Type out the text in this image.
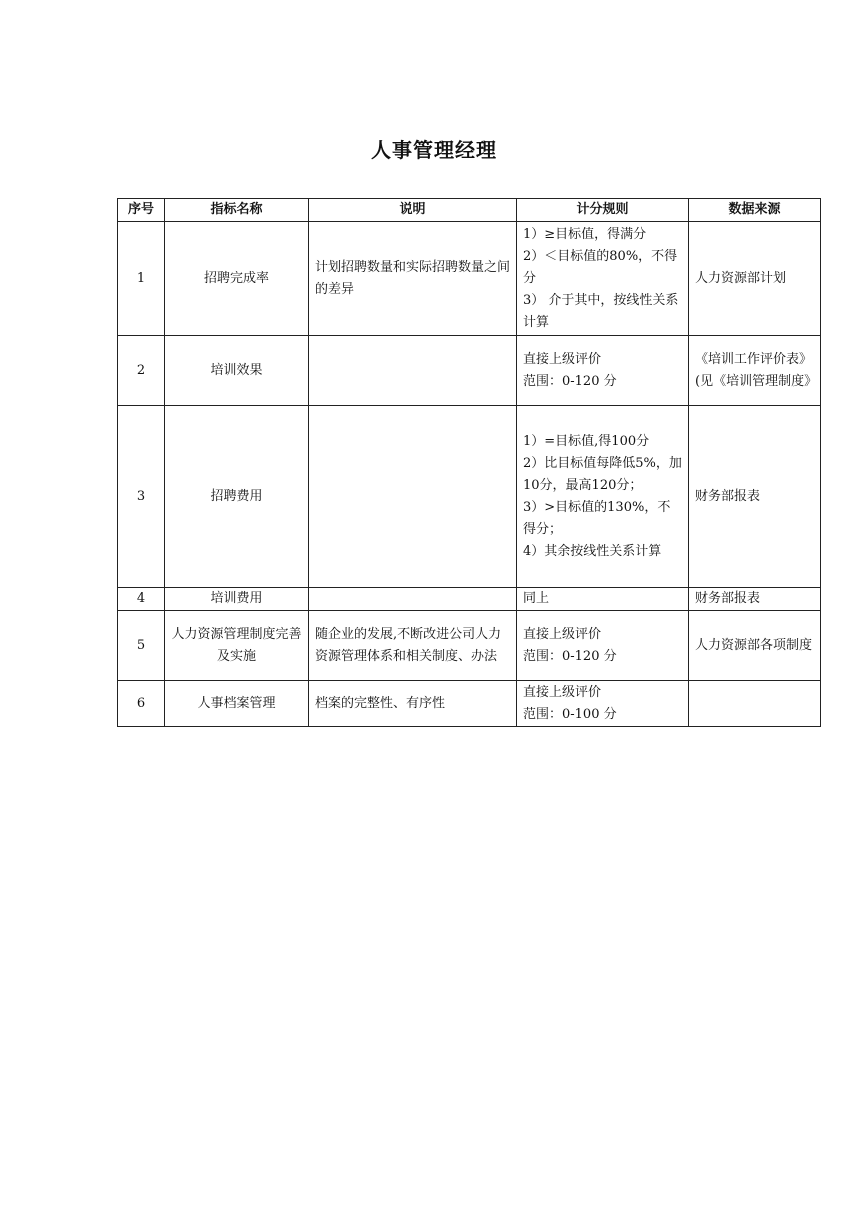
人事管理经理
序号	指标名称	说明	计分规则	数据来源
1	招聘完成率	计划招聘数量和实际招聘数量之间的差异	1）≥目标值，得满分
2）＜目标值的80%，不得分
3） 介于其中，按线性关系计算	人力资源部计划
2	培训效果		直接上级评价
范围：0-120 分	《培训工作评价表》(见《培训管理制度》
3	招聘费用		1）=目标值,得100分
2）比目标值每降低5%，加10分，最高120分；
3）>目标值的130%，不得分；
4）其余按线性关系计算	财务部报表
4	培训费用		同上	财务部报表
5	人力资源管理制度完善及实施	随企业的发展,不断改进公司人力资源管理体系和相关制度、办法	直接上级评价
范围：0-120 分	人力资源部各项制度
6	人事档案管理	档案的完整性、有序性	直接上级评价
范围：0-100 分	
